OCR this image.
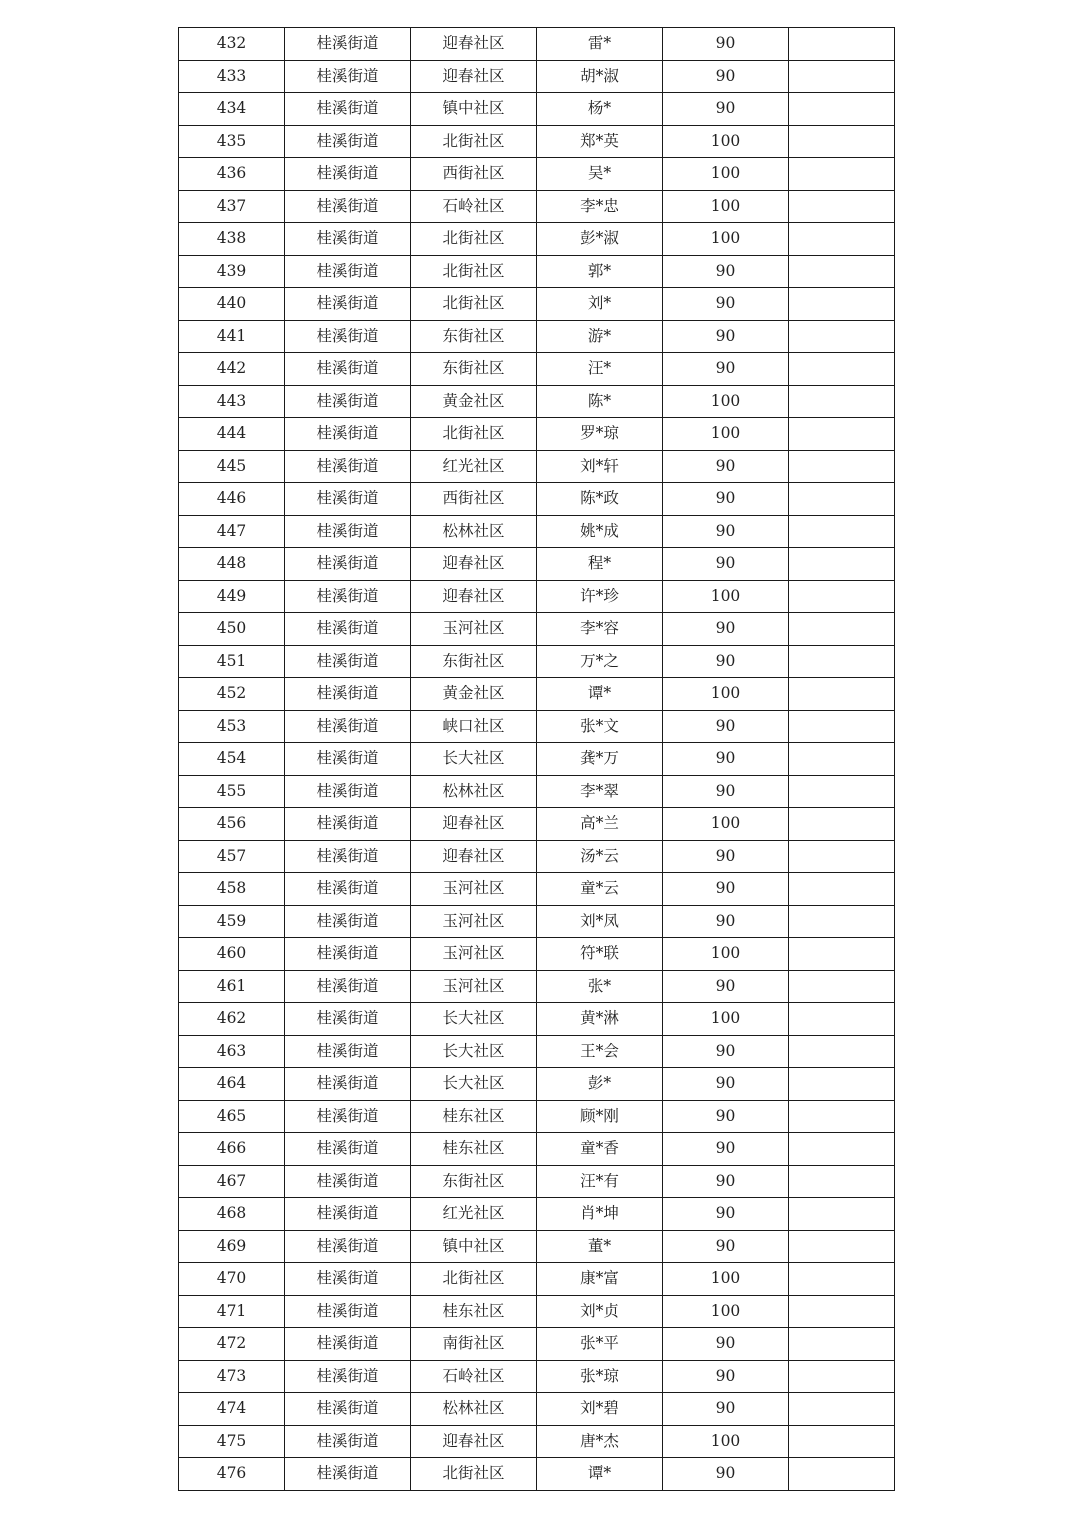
432	桂溪街道	迎春社区	雷*	90	
433	桂溪街道	迎春社区	胡*淑	90	
434	桂溪街道	镇中社区	杨*	90	
435	桂溪街道	北街社区	郑*英	100	
436	桂溪街道	西街社区	吴*	100	
437	桂溪街道	石岭社区	李*忠	100	
438	桂溪街道	北街社区	彭*淑	100	
439	桂溪街道	北街社区	郭*	90	
440	桂溪街道	北街社区	刘*	90	
441	桂溪街道	东街社区	游*	90	
442	桂溪街道	东街社区	汪*	90	
443	桂溪街道	黄金社区	陈*	100	
444	桂溪街道	北街社区	罗*琼	100	
445	桂溪街道	红光社区	刘*轩	90	
446	桂溪街道	西街社区	陈*政	90	
447	桂溪街道	松林社区	姚*成	90	
448	桂溪街道	迎春社区	程*	90	
449	桂溪街道	迎春社区	许*珍	100	
450	桂溪街道	玉河社区	李*容	90	
451	桂溪街道	东街社区	万*之	90	
452	桂溪街道	黄金社区	谭*	100	
453	桂溪街道	峡口社区	张*文	90	
454	桂溪街道	长大社区	龚*万	90	
455	桂溪街道	松林社区	李*翠	90	
456	桂溪街道	迎春社区	高*兰	100	
457	桂溪街道	迎春社区	汤*云	90	
458	桂溪街道	玉河社区	童*云	90	
459	桂溪街道	玉河社区	刘*凤	90	
460	桂溪街道	玉河社区	符*联	100	
461	桂溪街道	玉河社区	张*	90	
462	桂溪街道	长大社区	黄*淋	100	
463	桂溪街道	长大社区	王*会	90	
464	桂溪街道	长大社区	彭*	90	
465	桂溪街道	桂东社区	顾*刚	90	
466	桂溪街道	桂东社区	童*香	90	
467	桂溪街道	东街社区	汪*有	90	
468	桂溪街道	红光社区	肖*坤	90	
469	桂溪街道	镇中社区	董*	90	
470	桂溪街道	北街社区	康*富	100	
471	桂溪街道	桂东社区	刘*贞	100	
472	桂溪街道	南街社区	张*平	90	
473	桂溪街道	石岭社区	张*琼	90	
474	桂溪街道	松林社区	刘*碧	90	
475	桂溪街道	迎春社区	唐*杰	100	
476	桂溪街道	北街社区	谭*	90	
